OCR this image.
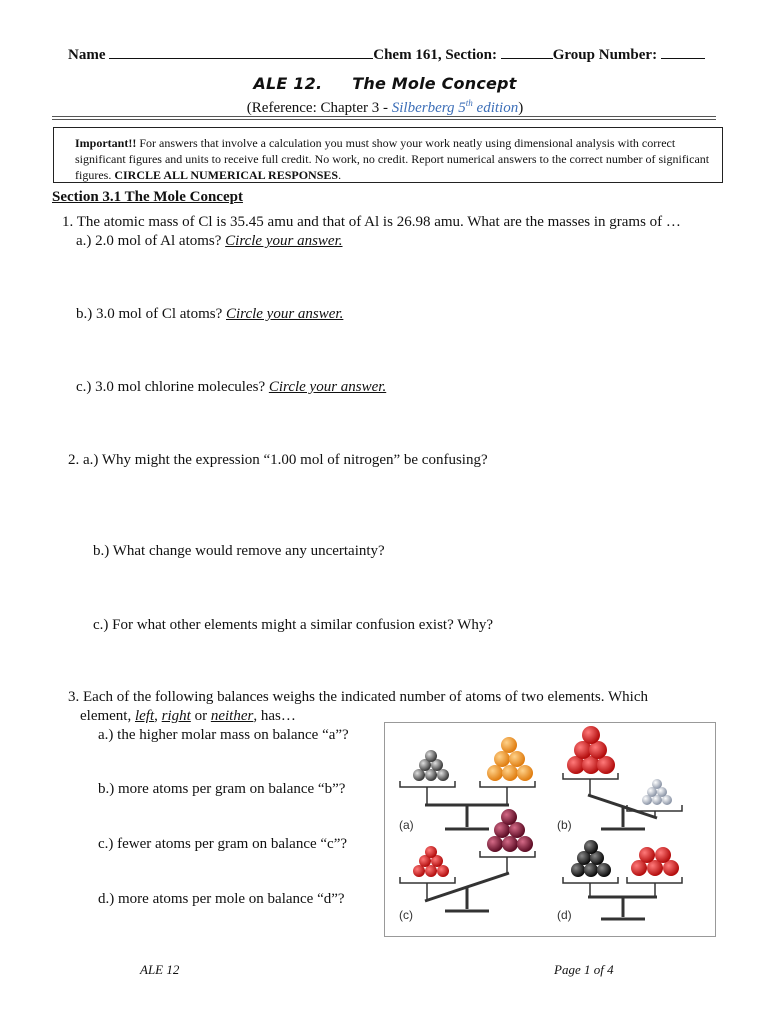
Name	Chem 161, Section:	Group Number:
ALE 12. The Mole Concept
(Reference: Chapter 3 - Silberberg 5th edition)

Important!! For answers that involve a calculation you must show your work neatly using dimensional analysis with correct significant figures and units to receive full credit. No work, no credit. Report numerical answers to the correct number of significant figures. CIRCLE ALL NUMERICAL RESPONSES.

Section 3.1 The Mole Concept
1. The atomic mass of Cl is 35.45 amu and that of Al is 26.98 amu. What are the masses in grams of …
a.) 2.0 mol of Al atoms? Circle your answer.
b.) 3.0 mol of Cl atoms? Circle your answer.
c.) 3.0 mol chlorine molecules? Circle your answer.
2. a.) Why might the expression “1.00 mol of nitrogen” be confusing?
b.) What change would remove any uncertainty?
c.) For what other elements might a similar confusion exist? Why?
3. Each of the following balances weighs the indicated number of atoms of two elements. Which
element, left, right or neither, has…
a.) the higher molar mass on balance “a”?
b.) more atoms per gram on balance “b”?
c.) fewer atoms per gram on balance “c”?
d.) more atoms per mole on balance “d”?
(a)	(b)
(c)	(d)
ALE 12	Page 1 of 4
